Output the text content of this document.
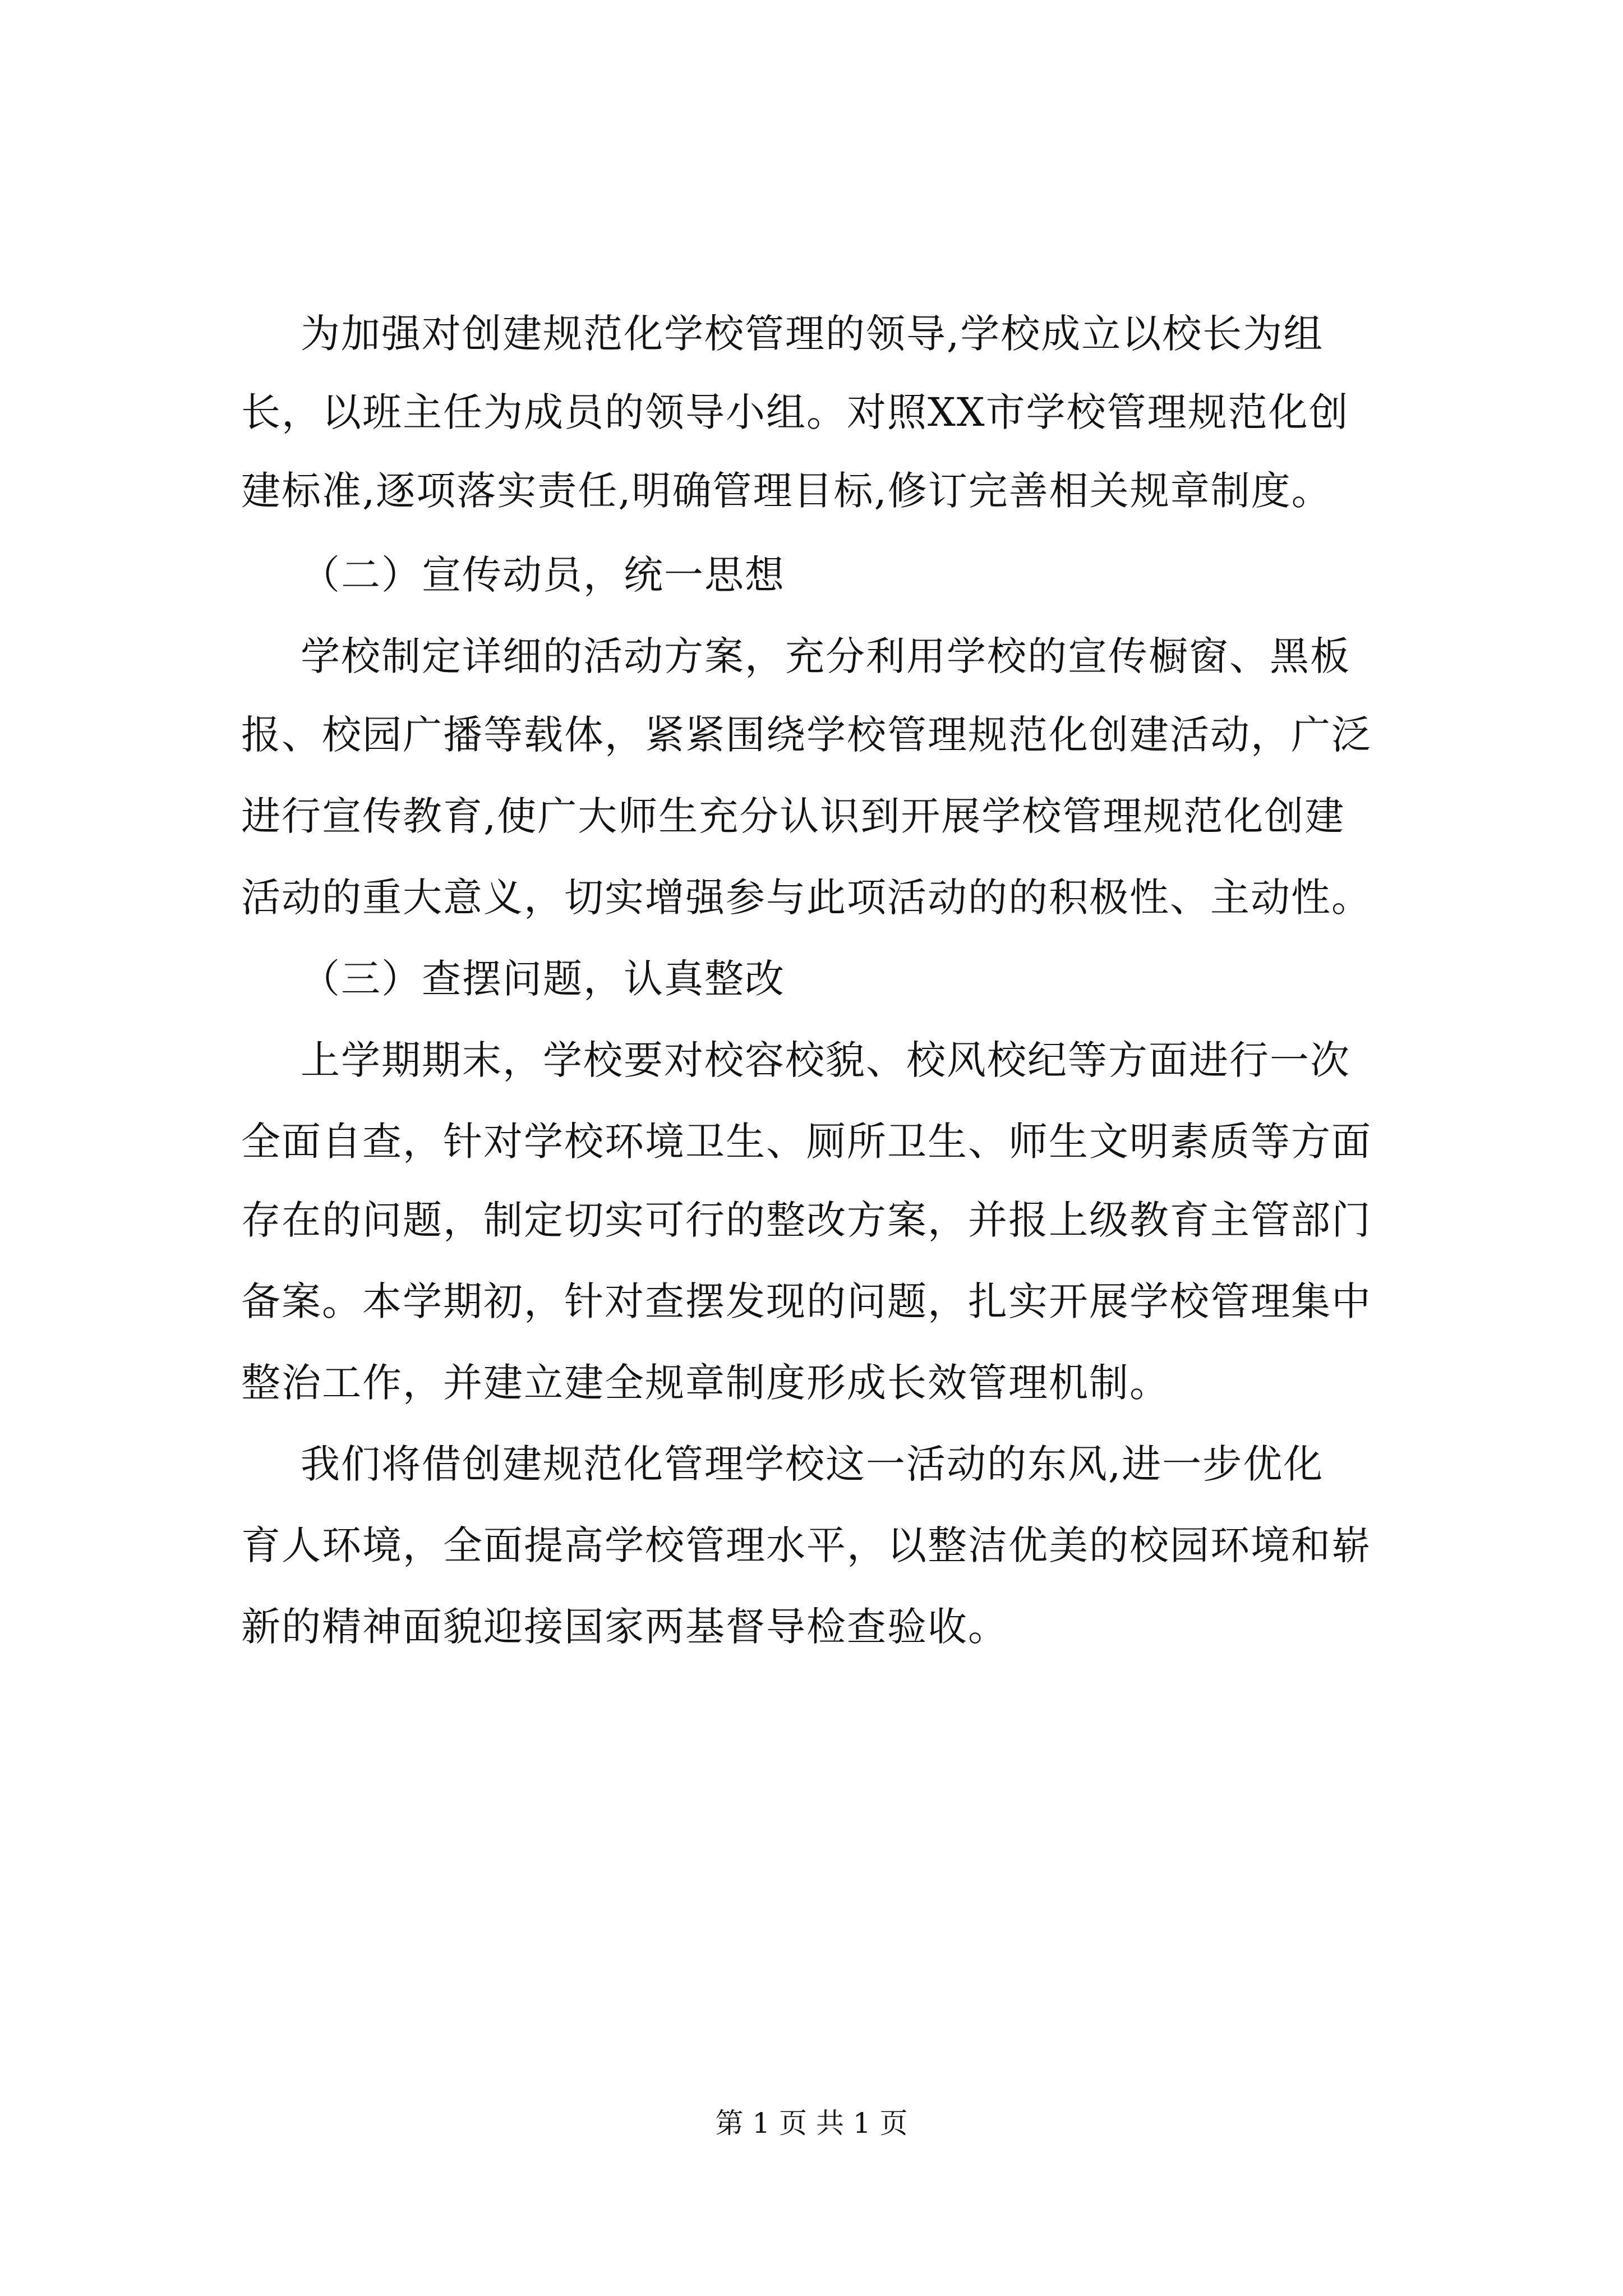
为加强对创建规范化学校管理的领导,学校成立以校长为组
长，以班主任为成员的领导小组。对照XX市学校管理规范化创
建标准,逐项落实责任,明确管理目标,修订完善相关规章制度。
（二）宣传动员，统一思想
学校制定详细的活动方案，充分利用学校的宣传橱窗、黑板
报、校园广播等载体，紧紧围绕学校管理规范化创建活动，广泛
进行宣传教育,使广大师生充分认识到开展学校管理规范化创建
活动的重大意义，切实增强参与此项活动的的积极性、主动性。
（三）查摆问题，认真整改
上学期期末，学校要对校容校貌、校风校纪等方面进行一次
全面自查，针对学校环境卫生、厕所卫生、师生文明素质等方面
存在的问题，制定切实可行的整改方案，并报上级教育主管部门
备案。本学期初，针对查摆发现的问题，扎实开展学校管理集中
整治工作，并建立建全规章制度形成长效管理机制。
我们将借创建规范化管理学校这一活动的东风,进一步优化
育人环境，全面提高学校管理水平，以整洁优美的校园环境和崭
新的精神面貌迎接国家两基督导检查验收。
第 1 页 共 1 页
